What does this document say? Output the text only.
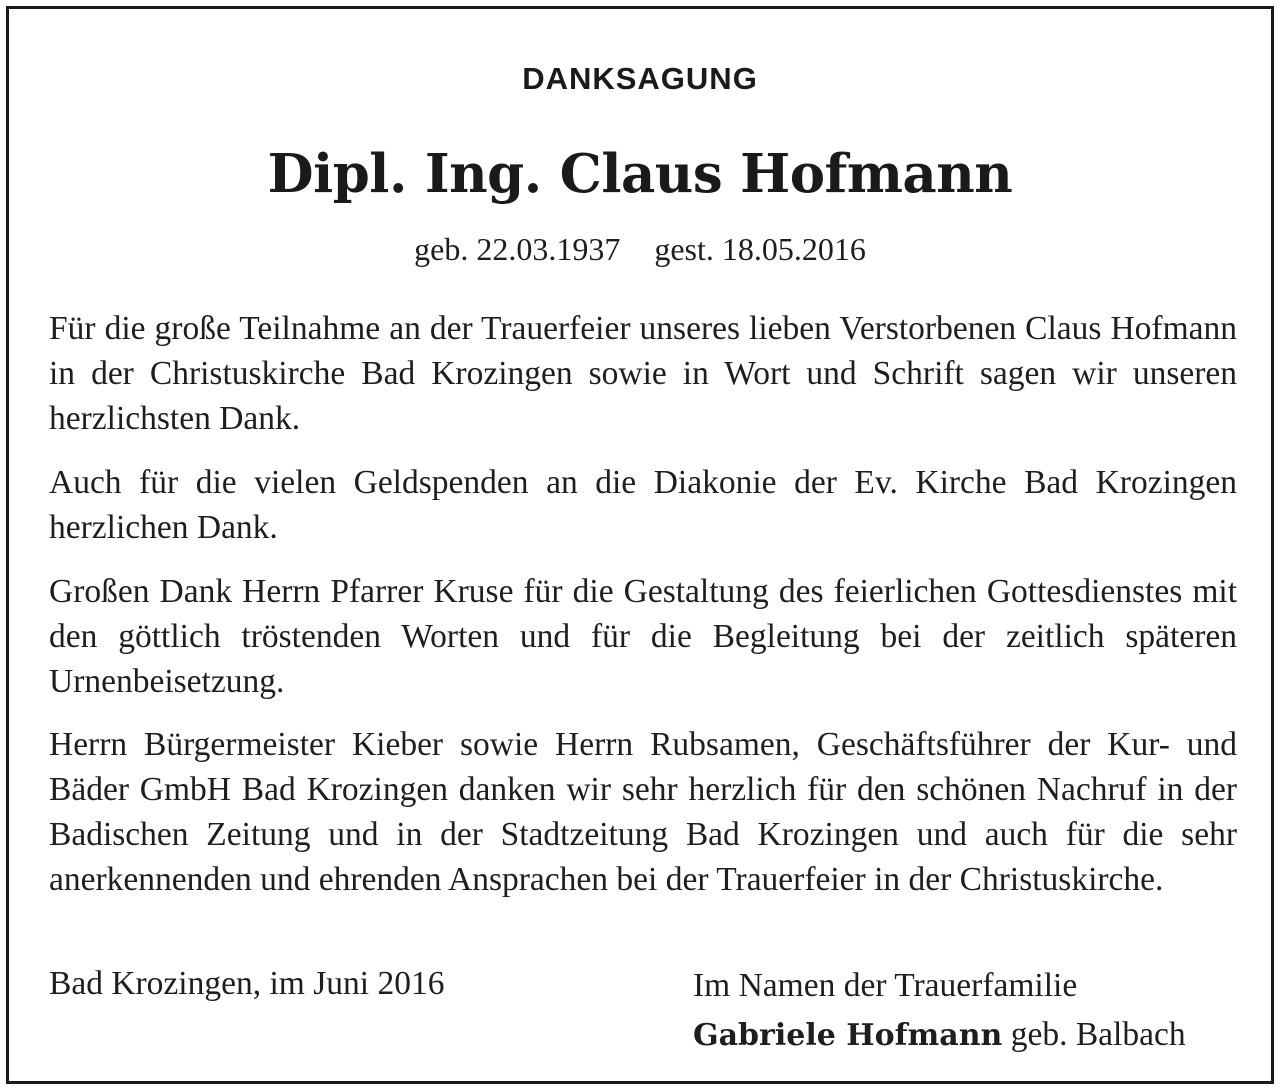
DANKSAGUNG
Dipl. Ing. Claus Hofmann
geb. 22.03.1937 gest. 18.05.2016
Für die große Teilnahme an der Trauerfeier unseres lieben Verstorbenen Claus Hofmann in der Christuskirche Bad Krozingen sowie in Wort und Schrift sagen wir unseren herzlichsten Dank.
Auch für die vielen Geldspenden an die Diakonie der Ev. Kirche Bad Krozingen herzlichen Dank.
Großen Dank Herrn Pfarrer Kruse für die Gestaltung des feierlichen Gottesdienstes mit den göttlich tröstenden Worten und für die Begleitung bei der zeitlich späteren Urnenbeisetzung.
Herrn Bürgermeister Kieber sowie Herrn Rubsamen, Geschäftsführer der Kur- und Bäder GmbH Bad Krozingen danken wir sehr herzlich für den schönen Nachruf in der Badischen Zeitung und in der Stadtzeitung Bad Krozingen und auch für die sehr anerkennenden und ehrenden Ansprachen bei der Trauerfeier in der Christuskirche.
Bad Krozingen, im Juni 2016	Im Namen der Trauerfamilie
Gabriele Hofmann geb. Balbach
